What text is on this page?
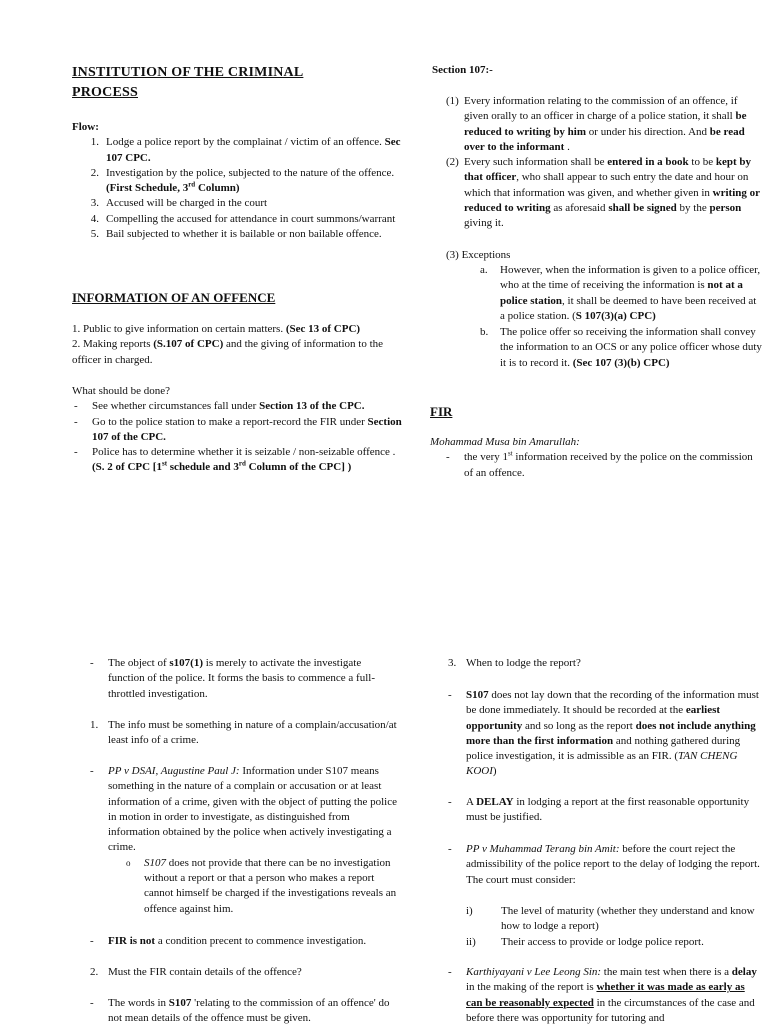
INSTITUTION OF THE CRIMINAL
PROCESS
Flow:
1. Lodge a police report by the complainat / victim of an offence. Sec 107 CPC.
2. Investigation by the police, subjected to the nature of the offence. (First Schedule, 3rd Column)
3. Accused will be charged in the court
4. Compelling the accused for attendance in court summons/warrant
5. Bail subjected to whether it is bailable or non bailable offence.
INFORMATION OF AN OFFENCE
1. Public to give information on certain matters. (Sec 13 of CPC)
2. Making reports (S.107 of CPC) and the giving of information to the officer in charged.
What should be done?
-	See whether circumstances fall under Section 13 of the CPC.
-	Go to the police station to make a report-record the FIR under Section 107 of the CPC.
-	Police has to determine whether it is seizable / non-seizable offence . (S. 2 of CPC [1st schedule and 3rd Column of the CPC] )
Section 107:-
(1) Every information relating to the commission of an offence, if given orally to an officer in charge of a police station, it shall be reduced to writing by him or under his direction. And be read over to the informant .
(2) Every such information shall be entered in a book to be kept by that officer, who shall appear to such entry the date and hour on which that information was given, and whether given in writing or reduced to writing as aforesaid shall be signed by the person giving it.
(3) Exceptions
a.	However, when the information is given to a police officer, who at the time of receiving the information is not at a police station, it shall be deemed to have been received at a police station. (S 107(3)(a) CPC)
b.	The police offer so receiving the information shall convey the information to an OCS or any police officer whose duty it is to record it. (Sec 107 (3)(b) CPC)
FIR
Mohammad Musa bin Amarullah:
-	the very 1st information received by the police on the commission of an offence.
-	The object of s107(1) is merely to activate the investigate function of the police. It forms the basis to commence a full-throttled investigation.
1. The info must be something in nature of a complain/accusation/at least info of a crime.
-	PP v DSAI, Augustine Paul J: Information under S107 means something in the nature of a complain or accusation or at least information of a crime, given with the object of putting the police in motion in order to investigate, as distinguished from information obtained by the police when actively investigating a crime.
o	S107 does not provide that there can be no investigation without a report or that a person who makes a report cannot himself be charged if the investigations reveals an offence against him.
-	FIR is not a condition precent to commence investigation.
2. Must the FIR contain details of the offence?
-	The words in S107 'relating to the commission of an offence' do not mean details of the offence must be given.
3. When to lodge the report?
-	S107 does not lay down that the recording of the information must be done immediately. It should be recorded at the earliest opportunity and so long as the report does not include anything more than the first information and nothing gathered during police investigation, it is admissible as an FIR. (TAN CHENG KOOI)
-	A DELAY in lodging a report at the first reasonable opportunity must be justified.
-	PP v Muhammad Terang bin Amit: before the court reject the admissibility of the police report to the delay of lodging the report. The court must consider:
i)	The level of maturity (whether they understand and know how to lodge a report)
ii)	Their access to provide or lodge police report.
-	Karthiyayani v Lee Leong Sin: the main test when there is a delay in the making of the report is whether it was made as early as can be reasonably expected in the circumstances of the case and before there was opportunity for tutoring and
